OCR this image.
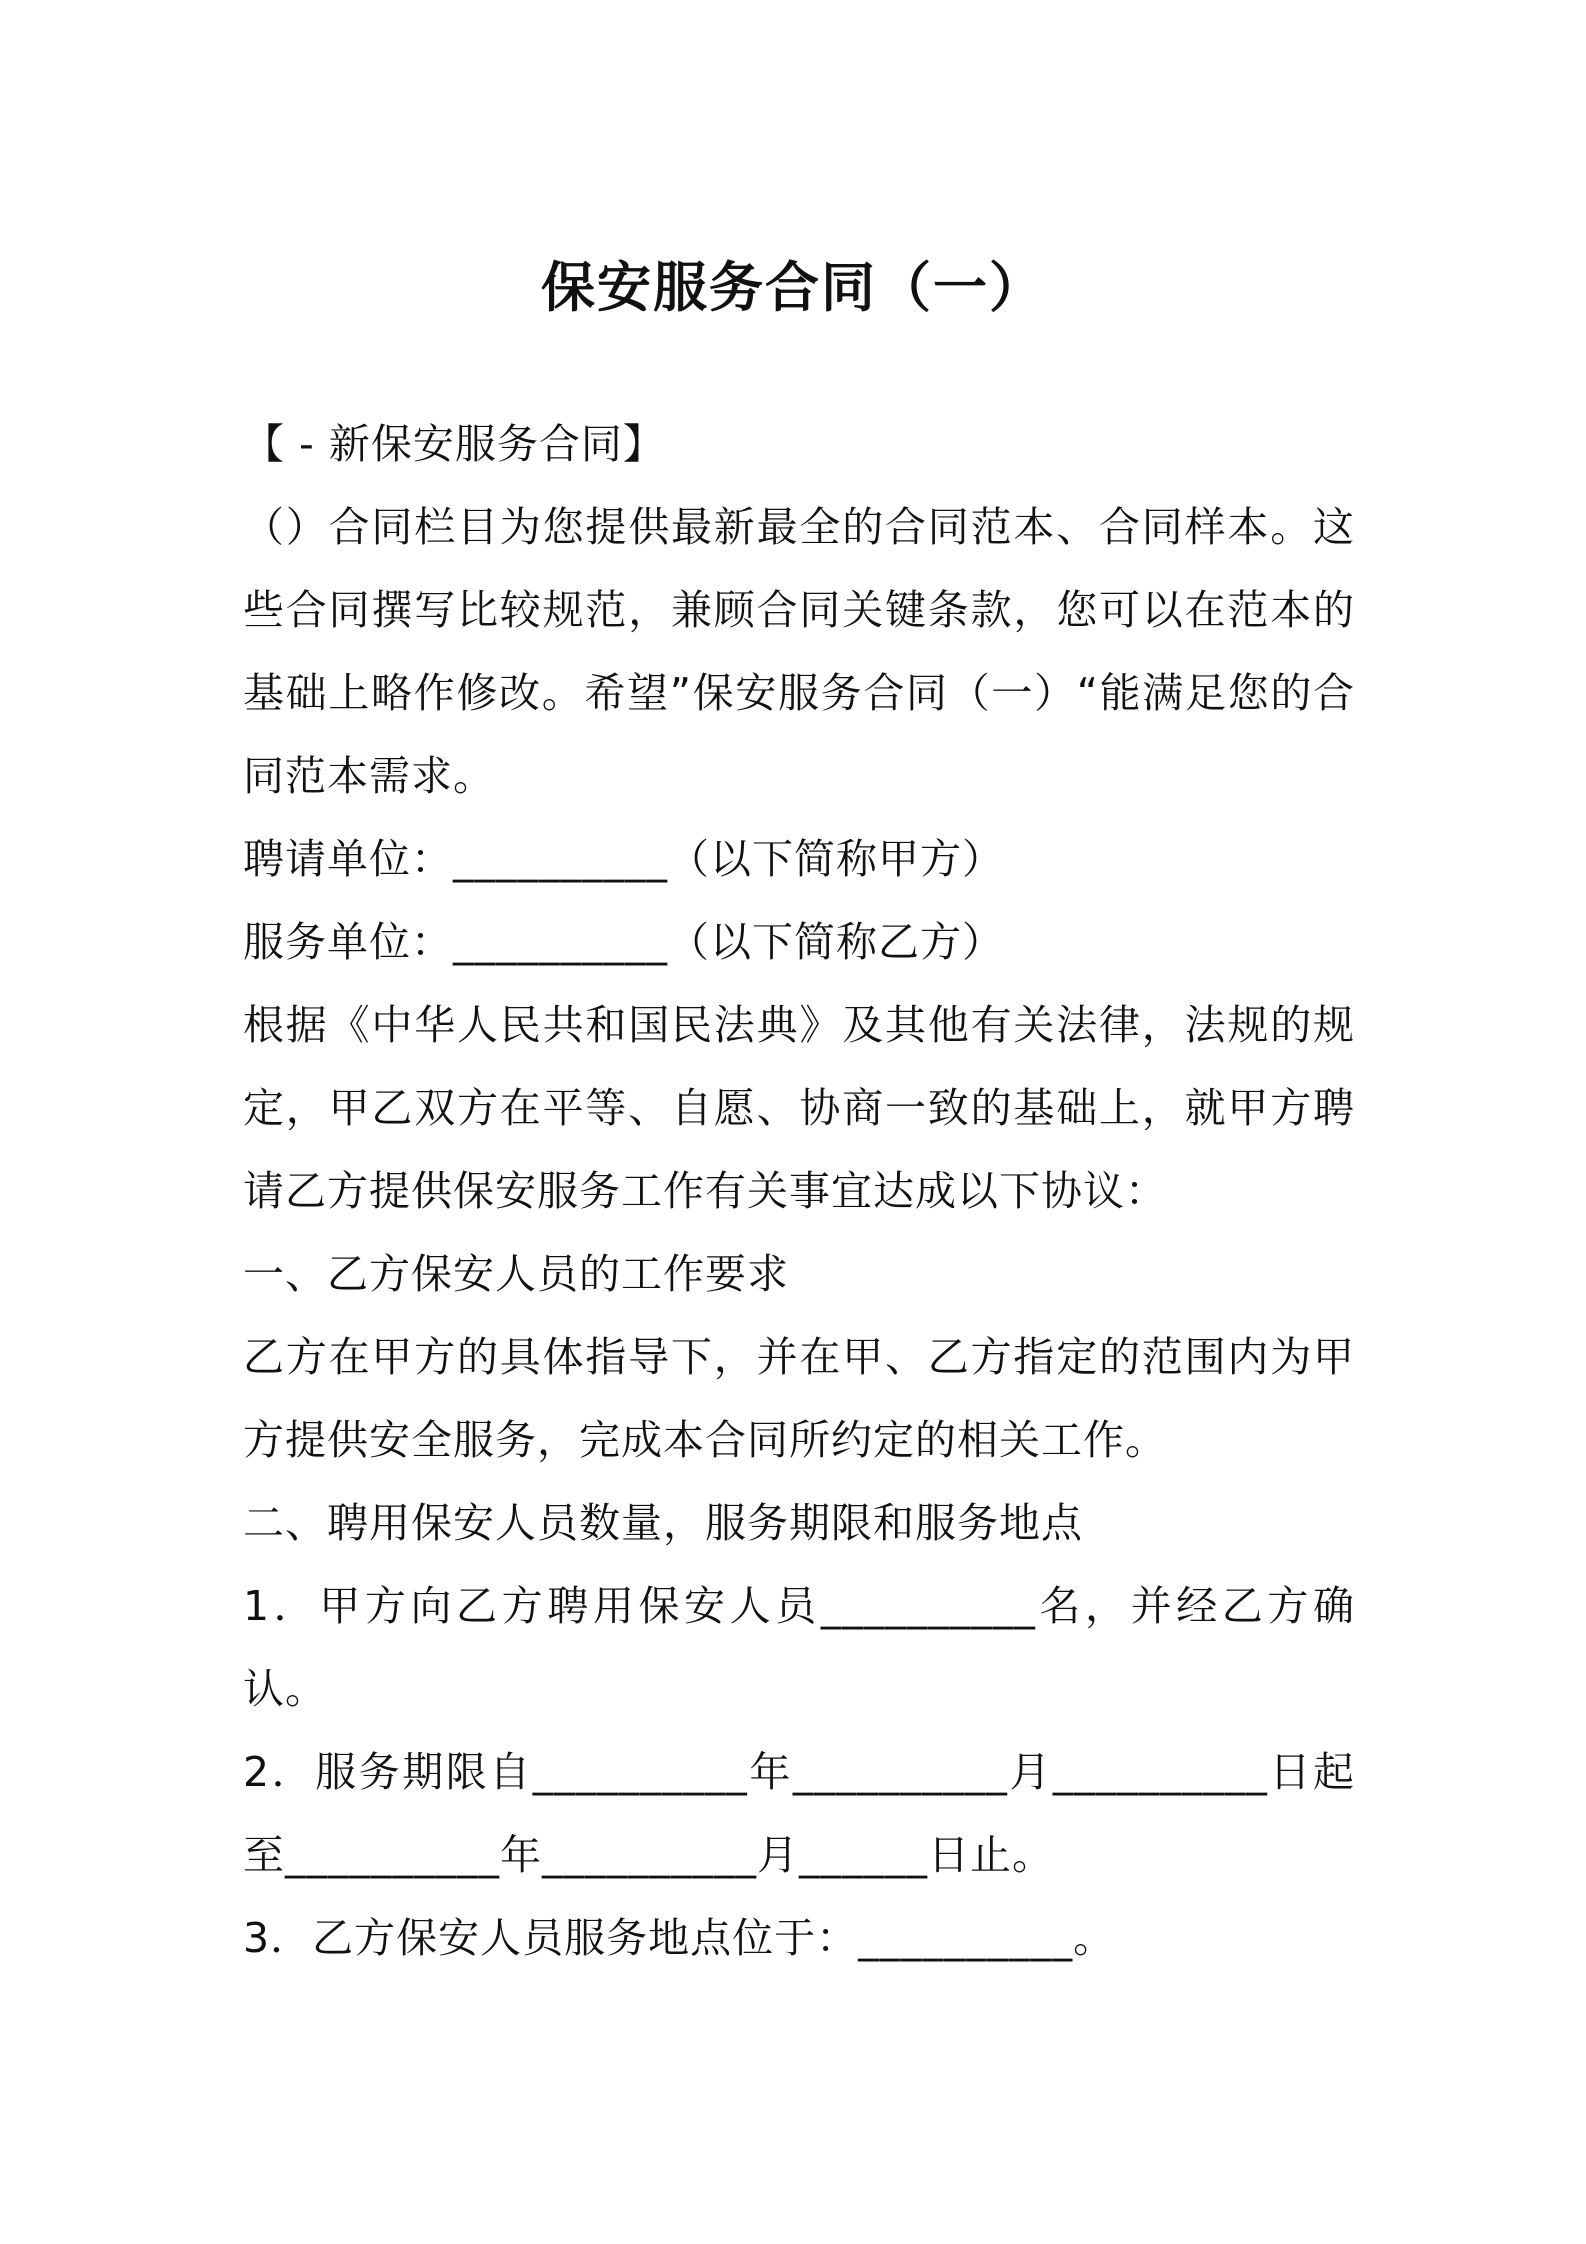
保安服务合同（一）
【 - 新保安服务合同】
（）合同栏目为您提供最新最全的合同范本、合同样本。这些合同撰写比较规范，兼顾合同关键条款，您可以在范本的基础上略作修改。希望”保安服务合同（一）“能满足您的合同范本需求。
聘请单位：__________（以下简称甲方）
服务单位：__________（以下简称乙方）
根据《中华人民共和国民法典》及其他有关法律，法规的规定，甲乙双方在平等、自愿、协商一致的基础上，就甲方聘请乙方提供保安服务工作有关事宜达成以下协议：
一、乙方保安人员的工作要求
乙方在甲方的具体指导下，并在甲、乙方指定的范围内为甲方提供安全服务，完成本合同所约定的相关工作。
二、聘用保安人员数量，服务期限和服务地点
1．甲方向乙方聘用保安人员__________名，并经乙方确认。
2．服务期限自__________年__________月__________日起至__________年__________月______日止。
3．乙方保安人员服务地点位于：__________。
